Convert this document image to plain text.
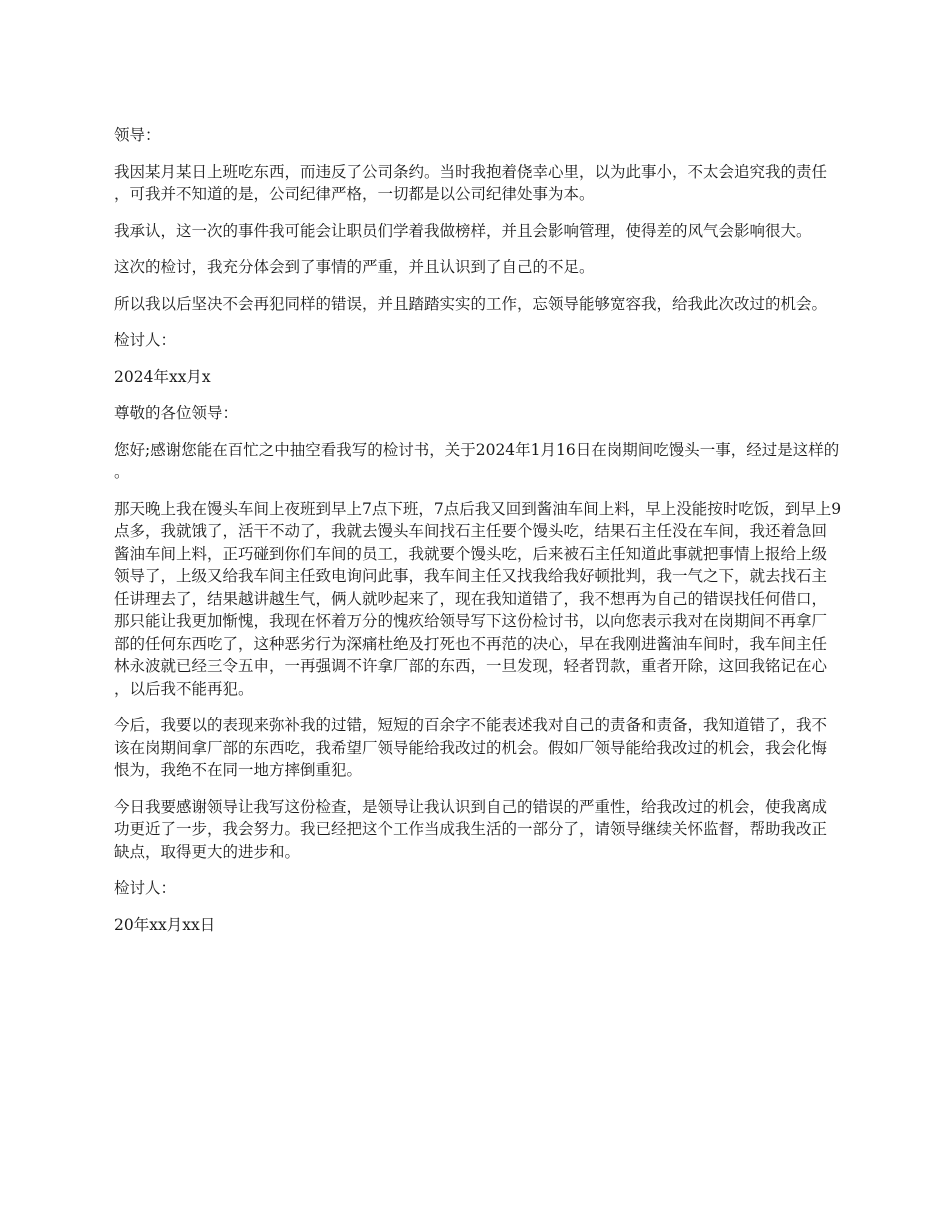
领导：

我因某月某日上班吃东西，而违反了公司条约。当时我抱着侥幸心里，以为此事小，不太会追究我的责任，可我并不知道的是，公司纪律严格，一切都是以公司纪律处事为本。

我承认，这一次的事件我可能会让职员们学着我做榜样，并且会影响管理，使得差的风气会影响很大。

这次的检讨，我充分体会到了事情的严重，并且认识到了自己的不足。

所以我以后坚决不会再犯同样的错误，并且踏踏实实的工作，忘领导能够宽容我，给我此次改过的机会。

检讨人：

2024年xx月x

尊敬的各位领导：

您好;感谢您能在百忙之中抽空看我写的检讨书，关于2024年1月16日在岗期间吃馒头一事，经过是这样的。

那天晚上我在馒头车间上夜班到早上7点下班，7点后我又回到酱油车间上料，早上没能按时吃饭，到早上9点多，我就饿了，活干不动了，我就去馒头车间找石主任要个馒头吃，结果石主任没在车间，我还着急回酱油车间上料，正巧碰到你们车间的员工，我就要个馒头吃，后来被石主任知道此事就把事情上报给上级领导了，上级又给我车间主任致电询问此事，我车间主任又找我给我好顿批判，我一气之下，就去找石主任讲理去了，结果越讲越生气，俩人就吵起来了，现在我知道错了，我不想再为自己的错误找任何借口，那只能让我更加惭愧，我现在怀着万分的愧疚给领导写下这份检讨书，以向您表示我对在岗期间不再拿厂部的任何东西吃了，这种恶劣行为深痛杜绝及打死也不再范的决心，早在我刚进酱油车间时，我车间主任林永波就已经三令五申，一再强调不许拿厂部的东西，一旦发现，轻者罚款，重者开除，这回我铭记在心，以后我不能再犯。

今后，我要以的表现来弥补我的过错，短短的百余字不能表述我对自己的责备和责备，我知道错了，我不该在岗期间拿厂部的东西吃，我希望厂领导能给我改过的机会。假如厂领导能给我改过的机会，我会化悔恨为，我绝不在同一地方摔倒重犯。

今日我要感谢领导让我写这份检查，是领导让我认识到自己的错误的严重性，给我改过的机会，使我离成功更近了一步，我会努力。我已经把这个工作当成我生活的一部分了，请领导继续关怀监督，帮助我改正缺点，取得更大的进步和。

检讨人：

20年xx月xx日
